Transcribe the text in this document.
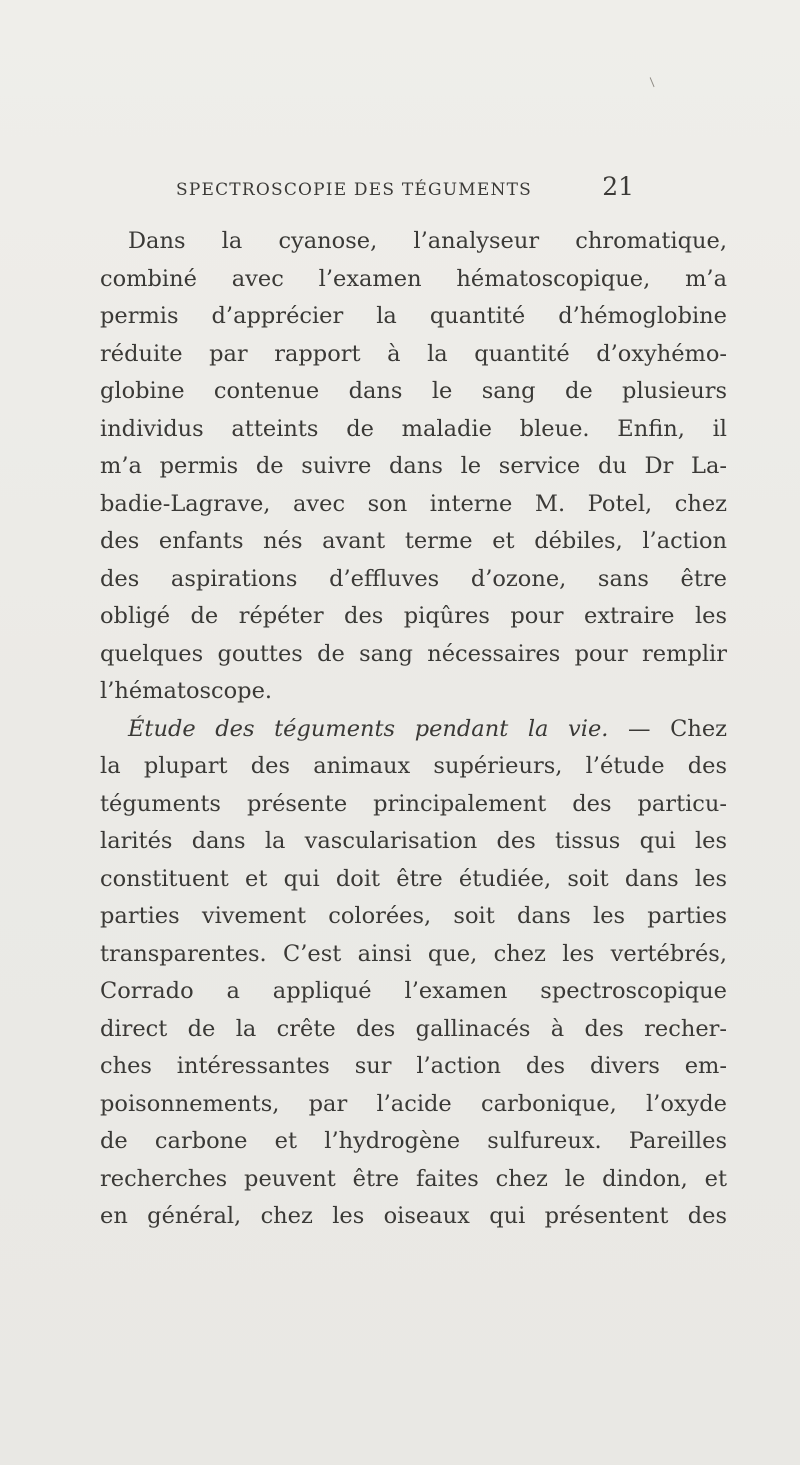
/
SPECTROSCOPIE DES TÉGUMENTS	21
Dans la cyanose, l’analyseur chromatique,
combiné avec l’examen hématoscopique, m’a
permis d’apprécier la quantité d’hémoglobine
réduite par rapport à la quantité d’oxyhémo-
globine contenue dans le sang de plusieurs
individus atteints de maladie bleue. Enfin, il
m’a permis de suivre dans le service du Dr La-
badie-Lagrave, avec son interne M. Potel, chez
des enfants nés avant terme et débiles, l’action
des aspirations d’effluves d’ozone, sans être
obligé de répéter des piqûres pour extraire les
quelques gouttes de sang nécessaires pour remplir
l’hématoscope.
Étude des téguments pendant la vie. — Chez
la plupart des animaux supérieurs, l’étude des
téguments présente principalement des particu-
larités dans la vascularisation des tissus qui les
constituent et qui doit être étudiée, soit dans les
parties vivement colorées, soit dans les parties
transparentes. C’est ainsi que, chez les vertébrés,
Corrado a appliqué l’examen spectroscopique
direct de la crête des gallinacés à des recher-
ches intéressantes sur l’action des divers em-
poisonnements, par l’acide carbonique, l’oxyde
de carbone et l’hydrogène sulfureux. Pareilles
recherches peuvent être faites chez le dindon, et
en général, chez les oiseaux qui présentent des
